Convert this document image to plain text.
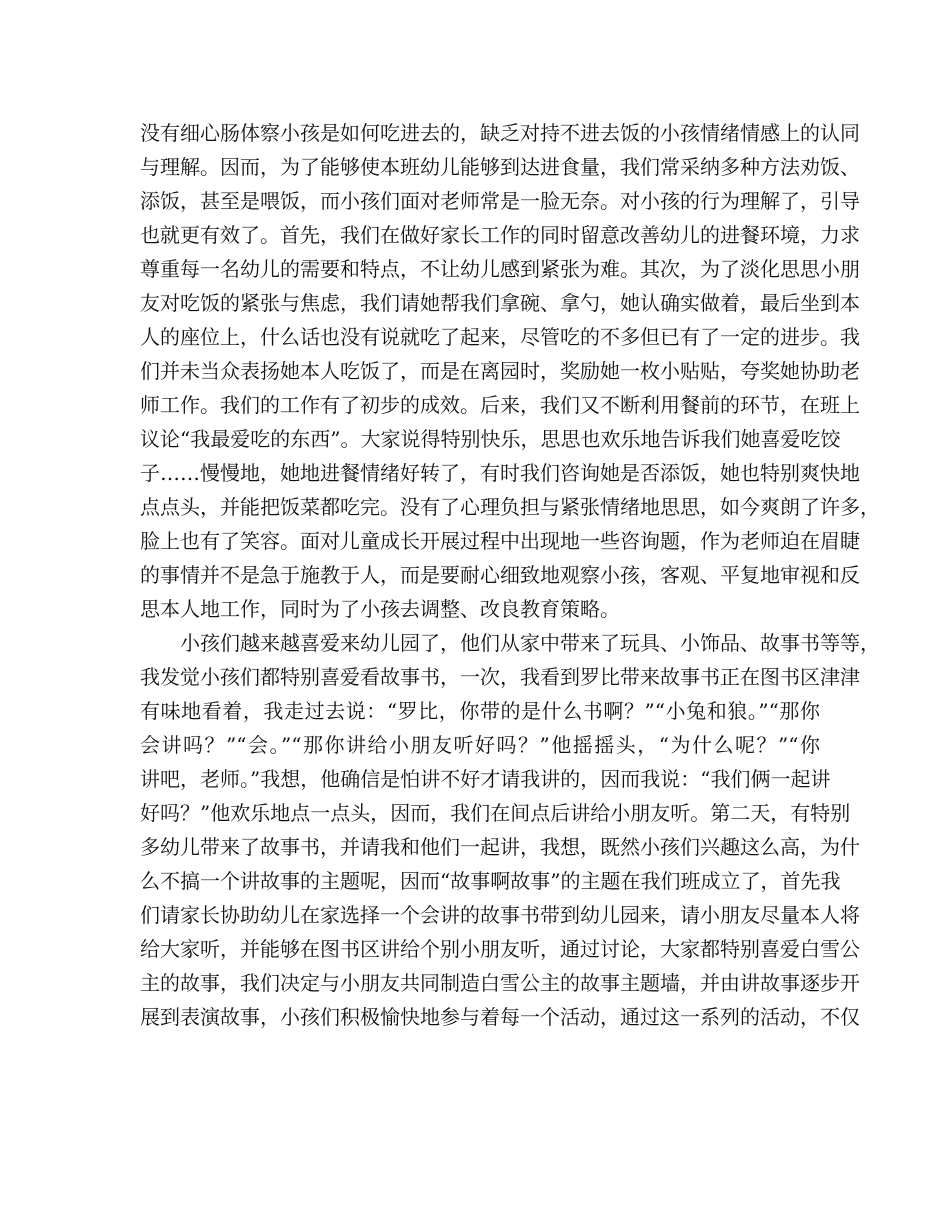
没有细心肠体察小孩是如何吃进去的，缺乏对持不进去饭的小孩情绪情感上的认同
与理解。因而，为了能够使本班幼儿能够到达进食量，我们常采纳多种方法劝饭、
添饭，甚至是喂饭，而小孩们面对老师常是一脸无奈。对小孩的行为理解了，引导
也就更有效了。首先，我们在做好家长工作的同时留意改善幼儿的进餐环境，力求
尊重每一名幼儿的需要和特点，不让幼儿感到紧张为难。其次，为了淡化思思小朋
友对吃饭的紧张与焦虑，我们请她帮我们拿碗、拿勺，她认确实做着，最后坐到本
人的座位上，什么话也没有说就吃了起来，尽管吃的不多但已有了一定的进步。我
们并未当众表扬她本人吃饭了，而是在离园时，奖励她一枚小贴贴，夸奖她协助老
师工作。我们的工作有了初步的成效。后来，我们又不断利用餐前的环节，在班上
议论“我最爱吃的东西”。大家说得特别快乐，思思也欢乐地告诉我们她喜爱吃饺
子……慢慢地，她地进餐情绪好转了，有时我们咨询她是否添饭，她也特别爽快地
点点头，并能把饭菜都吃完。没有了心理负担与紧张情绪地思思，如今爽朗了许多，
脸上也有了笑容。面对儿童成长开展过程中出现地一些咨询题，作为老师迫在眉睫
的事情并不是急于施教于人，而是要耐心细致地观察小孩，客观、平复地审视和反
思本人地工作，同时为了小孩去调整、改良教育策略。
小孩们越来越喜爱来幼儿园了，他们从家中带来了玩具、小饰品、故事书等等，
我发觉小孩们都特别喜爱看故事书，一次，我看到罗比带来故事书正在图书区津津
有味地看着，我走过去说：“罗比，你带的是什么书啊？”“小兔和狼。”“那你
会讲吗？”“会。”“那你讲给小朋友听好吗？”他摇摇头，“为什么呢？”“你
讲吧，老师。”我想，他确信是怕讲不好才请我讲的，因而我说：“我们俩一起讲
好吗？”他欢乐地点一点头，因而，我们在间点后讲给小朋友听。第二天，有特别
多幼儿带来了故事书，并请我和他们一起讲，我想，既然小孩们兴趣这么高，为什
么不搞一个讲故事的主题呢，因而“故事啊故事”的主题在我们班成立了，首先我
们请家长协助幼儿在家选择一个会讲的故事书带到幼儿园来，请小朋友尽量本人将
给大家听，并能够在图书区讲给个别小朋友听，通过讨论，大家都特别喜爱白雪公
主的故事，我们决定与小朋友共同制造白雪公主的故事主题墙，并由讲故事逐步开
展到表演故事，小孩们积极愉快地参与着每一个活动，通过这一系列的活动，不仅
